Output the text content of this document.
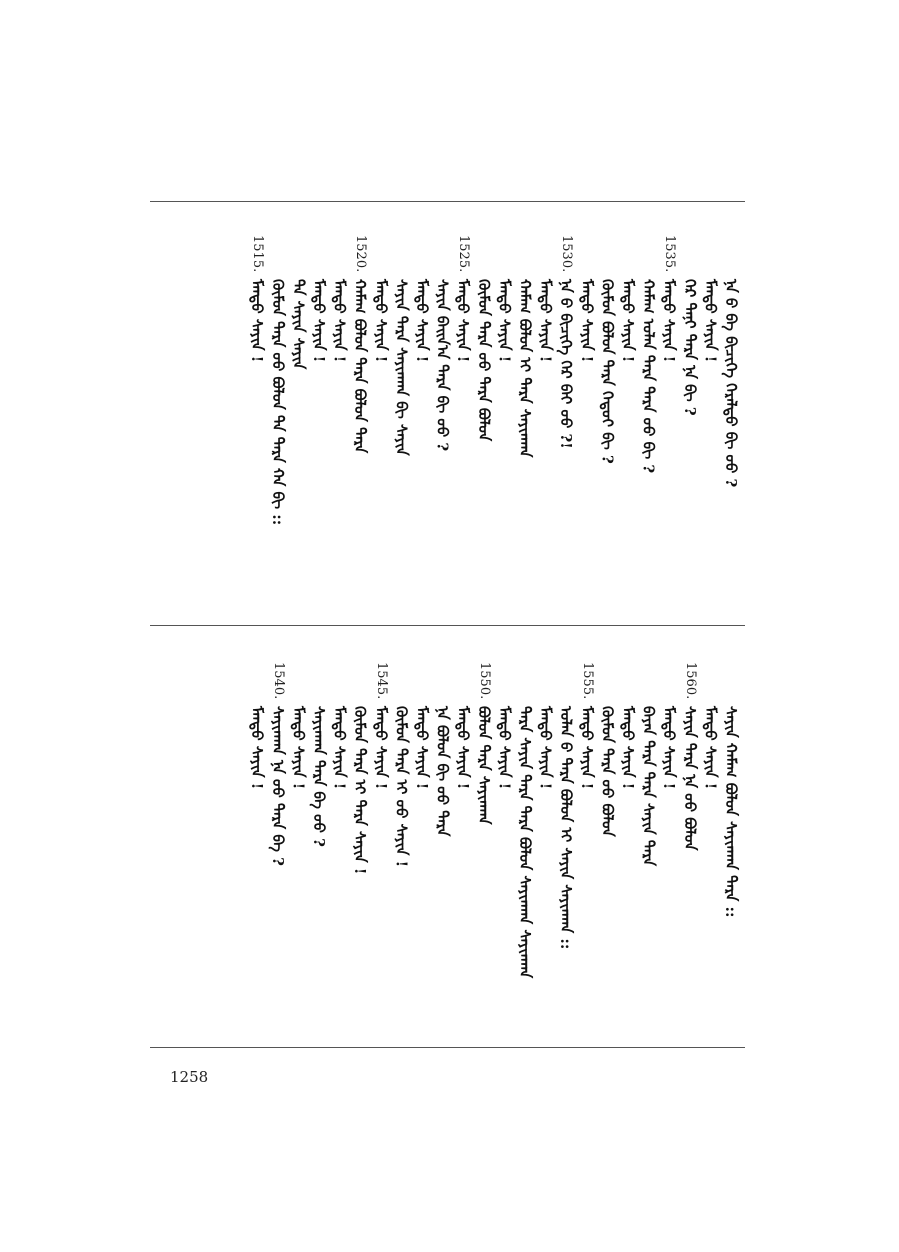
ᠨᠡ ᠪ ᠪᠠ ᠪᠢᠴᠢᠭᠡ ᠭᠡᠷᠡᠯᠲᠦ ᠪᠢ ᠦᠦ ?
ᠮᠡᠨᠳᠦ ᠰᠠᠶᠢᠨ !
ᠭᠡᠷ ᠲᠠᠨᠢ ᠲᠡᠷᠡ ᠨᠡ ᠪᠢ ?
1535.
ᠮᠡᠨᠳᠦ ᠰᠠᠶᠢᠨ !
ᠬᠠᠮᠠᠭ ᠣᠯᠠᠨ ᠲᠡᠷᠡ ᠲᠡᠷᠡ ᠦᠦ ᠪᠢ ?
ᠮᠡᠨᠳᠦ ᠰᠠᠶᠢᠨ !
ᠬᠦᠮᠦᠨ ᠪᠣᠯᠣᠨ ᠲᠡᠷᠡ ᠬᠡᠳᠦᠢ ᠪᠢ ?
ᠮᠡᠨᠳᠦ ᠰᠠᠶᠢᠨ !
1530.
ᠨᠡ ᠪ ᠪᠢᠴᠢᠭᠡ ᠭᠡᠷ ᠪᠠᠢ ᠦᠦ ?!
ᠮᠡᠨᠳᠦ ᠰᠠᠶᠢᠨ !
ᠬᠠᠮᠠᠭ ᠪᠣᠯᠣᠨ ᠢ ᠲᠡᠷᠡ ᠰᠠᠶᠢᠨᠬᠠᠨ
ᠮᠡᠨᠳᠦ ᠰᠠᠶᠢᠨ !
ᠬᠦᠮᠦᠨ ᠲᠡᠷᠡ ᠦᠦ ᠲᠡᠷᠡ ᠪᠣᠯᠣᠨ
1525.
ᠮᠡᠨᠳᠦ ᠰᠠᠶᠢᠨ !
ᠰᠠᠶᠢᠨ ᠪᠠᠢᠨ᠎ᠠ ᠲᠡᠷᠡ ᠪᠢ ᠦᠦ ?
ᠮᠡᠨᠳᠦ ᠰᠠᠶᠢᠨ !
ᠰᠠᠶᠢᠨ ᠲᠡᠷᠡ ᠰᠠᠶᠢᠨᠬᠠᠨ ᠪᠢ ᠰᠠᠶᠢᠨ
ᠮᠡᠨᠳᠦ ᠰᠠᠶᠢᠨ !
1520.
ᠬᠠᠮᠠᠭ ᠪᠣᠯᠣᠨ ᠲᠡᠷᠡ ᠪᠣᠯᠣᠨ ᠲᠡᠷᠡ
ᠮᠡᠨᠳᠦ ᠰᠠᠶᠢᠨ !
ᠮᠡᠨᠳᠦ ᠰᠠᠶᠢᠨ !
ᠲᠡ ᠰᠠᠶᠢᠨ ᠰᠠᠶᠢᠨ
ᠬᠦᠮᠦᠨ ᠲᠡᠷᠡ ᠦᠦ ᠪᠣᠯᠣᠨ ᠲᠡ ᠲᠡᠷᠡ ᠬᠠ ᠪᠢ ::
1515.
ᠮᠡᠨᠳᠦ ᠰᠠᠶᠢᠨ !
ᠰᠠᠶᠢᠨ ᠬᠠᠮᠠᠭ ᠪᠣᠯᠣᠨ ᠰᠠᠶᠢᠨᠬᠠᠨ ᠲᠡᠷᠡ ::
ᠮᠡᠨᠳᠦ ᠰᠠᠶᠢᠨ !
1560.
ᠰᠠᠶᠢᠨ ᠲᠡᠷᠡ ᠨᠡ ᠦᠦ ᠪᠣᠯᠣᠨ
ᠮᠡᠨᠳᠦ ᠰᠠᠶᠢᠨ !
ᠪᠠᠶᠠᠨ ᠲᠡᠷᠡ ᠲᠡᠷᠡ ᠰᠠᠶᠢᠨ ᠲᠡᠷᠡ
ᠮᠡᠨᠳᠦ ᠰᠠᠶᠢᠨ !
ᠬᠦᠮᠦᠨ ᠲᠡᠷᠡ ᠦᠦ ᠪᠣᠯᠣᠨ
1555.
ᠮᠡᠨᠳᠦ ᠰᠠᠶᠢᠨ !
ᠣᠯᠠᠨ ᠪ ᠲᠡᠷᠡ ᠪᠣᠯᠣᠨ ᠢ ᠰᠠᠶᠢᠨ ᠰᠠᠶᠢᠨᠬᠠᠨ ::
ᠮᠡᠨᠳᠦ ᠰᠠᠶᠢᠨ !
ᠲᠡᠷᠡ ᠰᠠᠶᠢᠨ ᠲᠡᠷᠡ ᠲᠡᠷᠡ ᠪᠣᠯᠣᠨ ᠰᠠᠶᠢᠨᠬᠠᠨ ᠰᠠᠶᠢᠨᠬᠠᠨ
ᠮᠡᠨᠳᠦ ᠰᠠᠶᠢᠨ !
1550.
ᠪᠣᠯᠣᠨ ᠲᠡᠷᠡ ᠰᠠᠶᠢᠨᠬᠠᠨ
ᠮᠡᠨᠳᠦ ᠰᠠᠶᠢᠨ !
ᠨᠡ ᠪᠣᠯᠣᠨ ᠪᠢ ᠦᠦ ᠲᠡᠷᠡ
ᠮᠡᠨᠳᠦ ᠰᠠᠶᠢᠨ !
ᠬᠦᠮᠦᠨ ᠲᠡᠷᠡ ᠢ ᠦᠦ ᠰᠠᠶᠢᠨ !
1545.
ᠮᠡᠨᠳᠦ ᠰᠠᠶᠢᠨ !
ᠬᠦᠮᠦᠨ ᠲᠡᠷᠡ ᠢ ᠲᠡᠷᠡ ᠰᠠᠶᠢᠨ !
ᠮᠡᠨᠳᠦ ᠰᠠᠶᠢᠨ !
ᠰᠠᠶᠢᠨᠬᠠᠨ ᠲᠡᠷᠡ ᠪᠠ ᠦᠦ ?
ᠮᠡᠨᠳᠦ ᠰᠠᠶᠢᠨ !
1540.
ᠰᠠᠶᠢᠨᠬᠠᠨ ᠨᠡ ᠦᠦ ᠲᠡᠷᠡ ᠪᠠ ?
ᠮᠡᠨᠳᠦ ᠰᠠᠶᠢᠨ !
1258
